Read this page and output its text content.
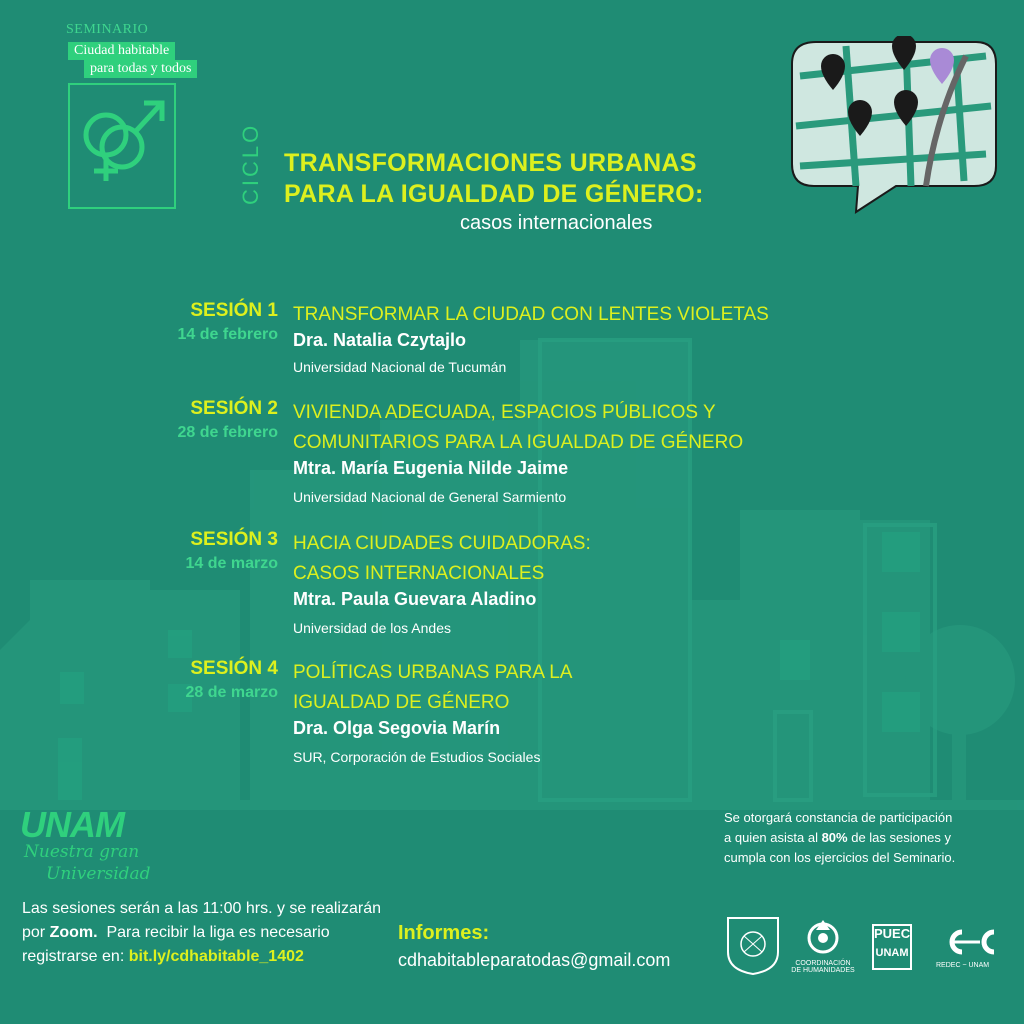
SEMINARIO
Ciudad habitable
para todas y todos
CICLO TRANSFORMACIONES URBANAS
PARA LA IGUALDAD DE GÉNERO:
casos internacionales
SESIÓN 1
14 de febrero
TRANSFORMAR LA CIUDAD CON LENTES VIOLETAS
Dra. Natalia Czytajlo
Universidad Nacional de Tucumán
SESIÓN 2
28 de febrero
VIVIENDA ADECUADA, ESPACIOS PÚBLICOS Y
COMUNITARIOS PARA LA IGUALDAD DE GÉNERO
Mtra. María Eugenia Nilde Jaime
Universidad Nacional de General Sarmiento
SESIÓN 3
14 de marzo
HACIA CIUDADES CUIDADORAS:
CASOS INTERNACIONALES
Mtra. Paula Guevara Aladino
Universidad de los Andes
SESIÓN 4
28 de marzo
POLÍTICAS URBANAS PARA LA
IGUALDAD DE GÉNERO
Dra. Olga Segovia Marín
SUR, Corporación de Estudios Sociales
UNAM
Nuestra gran
Universidad
Se otorgará constancia de participación
a quien asista al 80% de las sesiones y
cumpla con los ejercicios del Seminario.
Las sesiones serán a las 11:00 hrs. y se realizarán
por Zoom.  Para recibir la liga es necesario
registrarse en: bit.ly/cdhabitable_1402
Informes:
cdhabitableparatodas@gmail.com	COORDINACIÓN DE HUMANIDADES
PUEC
UNAM
REDEC ~ UNAM
